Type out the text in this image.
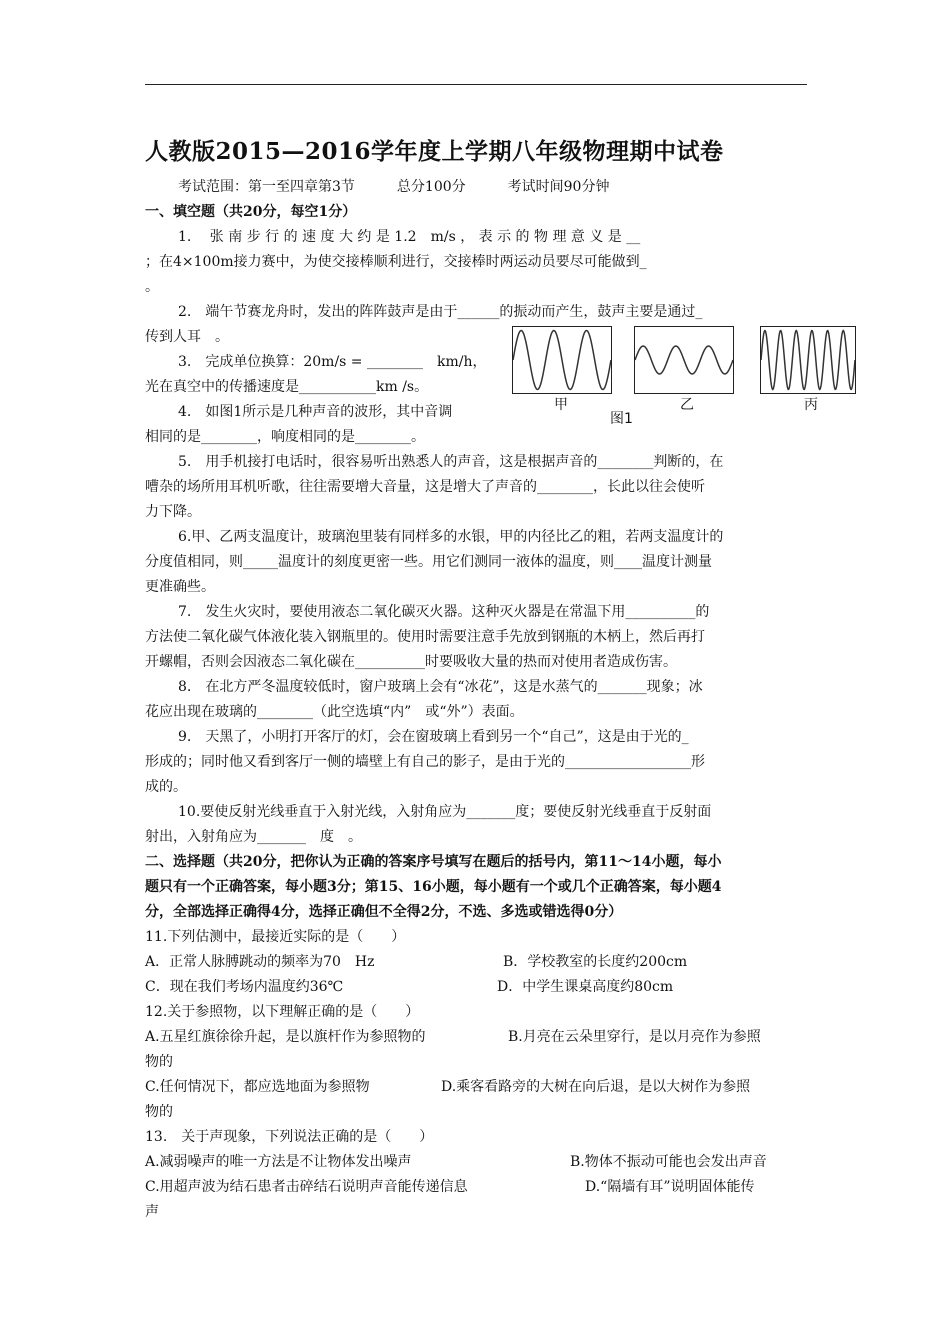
人教版2015—2016学年度上学期八年级物理期中试卷
考试范围：第一至四章第3节　　　总分100分　　　考试时间90分钟
一、填空题（共20分，每空1分）
1.　 张 南 步 行 的 速 度 大 约 是 1.2　m/s ， 表 示 的 物 理 意 义 是 __
；在4×100m接力赛中，为使交接棒顺利进行，交接棒时两运动员要尽可能做到_
。
2.　端午节赛龙舟时，发出的阵阵鼓声是由于______的振动而产生，鼓声主要是通过_
传到人耳　。
3.　完成单位换算：20m/s = ________　km/h，
光在真空中的传播速度是___________km /s。
4.　如图1所示是几种声音的波形，其中音调
相同的是________，响度相同的是________。
甲	乙	丙
图1
5.　用手机接打电话时，很容易听出熟悉人的声音，这是根据声音的________判断的，在
嘈杂的场所用耳机听歌，往往需要增大音量，这是增大了声音的________，长此以往会使听
力下降。
6.甲、乙两支温度计，玻璃泡里装有同样多的水银，甲的内径比乙的粗，若两支温度计的
分度值相同，则_____温度计的刻度更密一些。用它们测同一液体的温度，则____温度计测量
更准确些。
7.　发生火灾时，要使用液态二氧化碳灭火器。这种灭火器是在常温下用__________的
方法使二氧化碳气体液化装入钢瓶里的。使用时需要注意手先放到钢瓶的木柄上，然后再打
开螺帽，否则会因液态二氧化碳在__________时要吸收大量的热而对使用者造成伤害。
8.　在北方严冬温度较低时，窗户玻璃上会有“冰花”，这是水蒸气的_______现象；冰
花应出现在玻璃的________（此空选填“内”　或“外”）表面。
9.　天黑了，小明打开客厅的灯，会在窗玻璃上看到另一个“自己”，这是由于光的_
形成的；同时他又看到客厅一侧的墙壁上有自己的影子，是由于光的__________________形
成的。
10.要使反射光线垂直于入射光线，入射角应为_______度；要使反射光线垂直于反射面
射出，入射角应为_______　度　。
二、选择题（共20分，把你认为正确的答案序号填写在题后的括号内，第11～14小题，每小
题只有一个正确答案，每小题3分；第15、16小题，每小题有一个或几个正确答案，每小题4
分，全部选择正确得4分，选择正确但不全得2分，不选、多选或错选得0分）
11.下列估测中，最接近实际的是（　　）
A．正常人脉膊跳动的频率为70　Hz	B．学校教室的长度约200cm
C．现在我们考场内温度约36℃	D．中学生课桌高度约80cm
12.关于参照物，以下理解正确的是（　　）
A.五星红旗徐徐升起，是以旗杆作为参照物的	B.月亮在云朵里穿行，是以月亮作为参照
物的
C.任何情况下，都应选地面为参照物	D.乘客看路旁的大树在向后退，是以大树作为参照
物的
13.　关于声现象，下列说法正确的是（　　）
A.减弱噪声的唯一方法是不让物体发出噪声	B.物体不振动可能也会发出声音
C.用超声波为结石患者击碎结石说明声音能传递信息	D.“隔墙有耳”说明固体能传
声
